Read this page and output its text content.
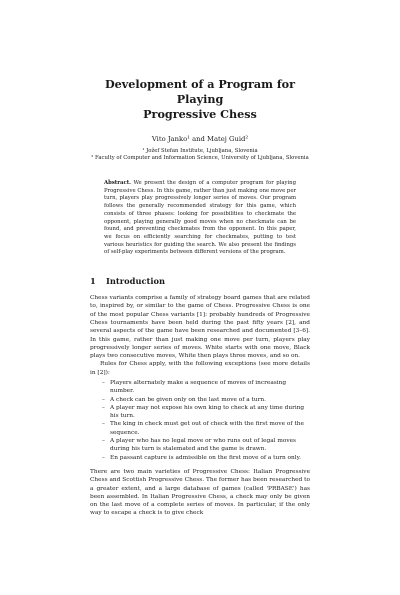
Development of a Program for Playing
Progressive Chess
Vito Janko¹ and Matej Guid²
¹ Jožef Stefan Institute, Ljubljana, Slovenia
² Faculty of Computer and Information Science, University of Ljubljana, Slovenia
Abstract. We present the design of a computer program for playing Progressive Chess. In this game, rather than just making one move per turn, players play progressively longer series of moves. Our program follows the generally recommended strategy for this game, which consists of three phases: looking for possibilities to checkmate the opponent, playing generally good moves when no checkmate can be found, and preventing checkmates from the opponent. In this paper, we focus on efficiently searching for checkmates, putting to test various heuristics for guiding the search. We also present the findings of self-play experiments between different versions of the program.
1 Introduction
Chess variants comprise a family of strategy board games that are related to, inspired by, or similar to the game of Chess. Progressive Chess is one of the most popular Chess variants [1]: probably hundreds of Progressive Chess tournaments have been held during the past fifty years [2], and several aspects of the game have been researched and documented [3–6]. In this game, rather than just making one move per turn, players play progressively longer series of moves. White starts with one move, Black plays two consecutive moves, White then plays three moves, and so on.
Rules for Chess apply, with the following exceptions (see more details in [2]):
– Players alternately make a sequence of moves of increasing number.
– A check can be given only on the last move of a turn.
– A player may not expose his own king to check at any time during his turn.
– The king in check must get out of check with the first move of the sequence.
– A player who has no legal move or who runs out of legal moves during his turn is stalemated and the game is drawn.
– En passant capture is admissible on the first move of a turn only.
There are two main varieties of Progressive Chess: Italian Progressive Chess and Scottish Progressive Chess. The former has been researched to a greater extent, and a large database of games (called 'PRBASE') has been assembled. In Italian Progressive Chess, a check may only be given on the last move of a complete series of moves. In particular, if the only way to escape a check is to give check
